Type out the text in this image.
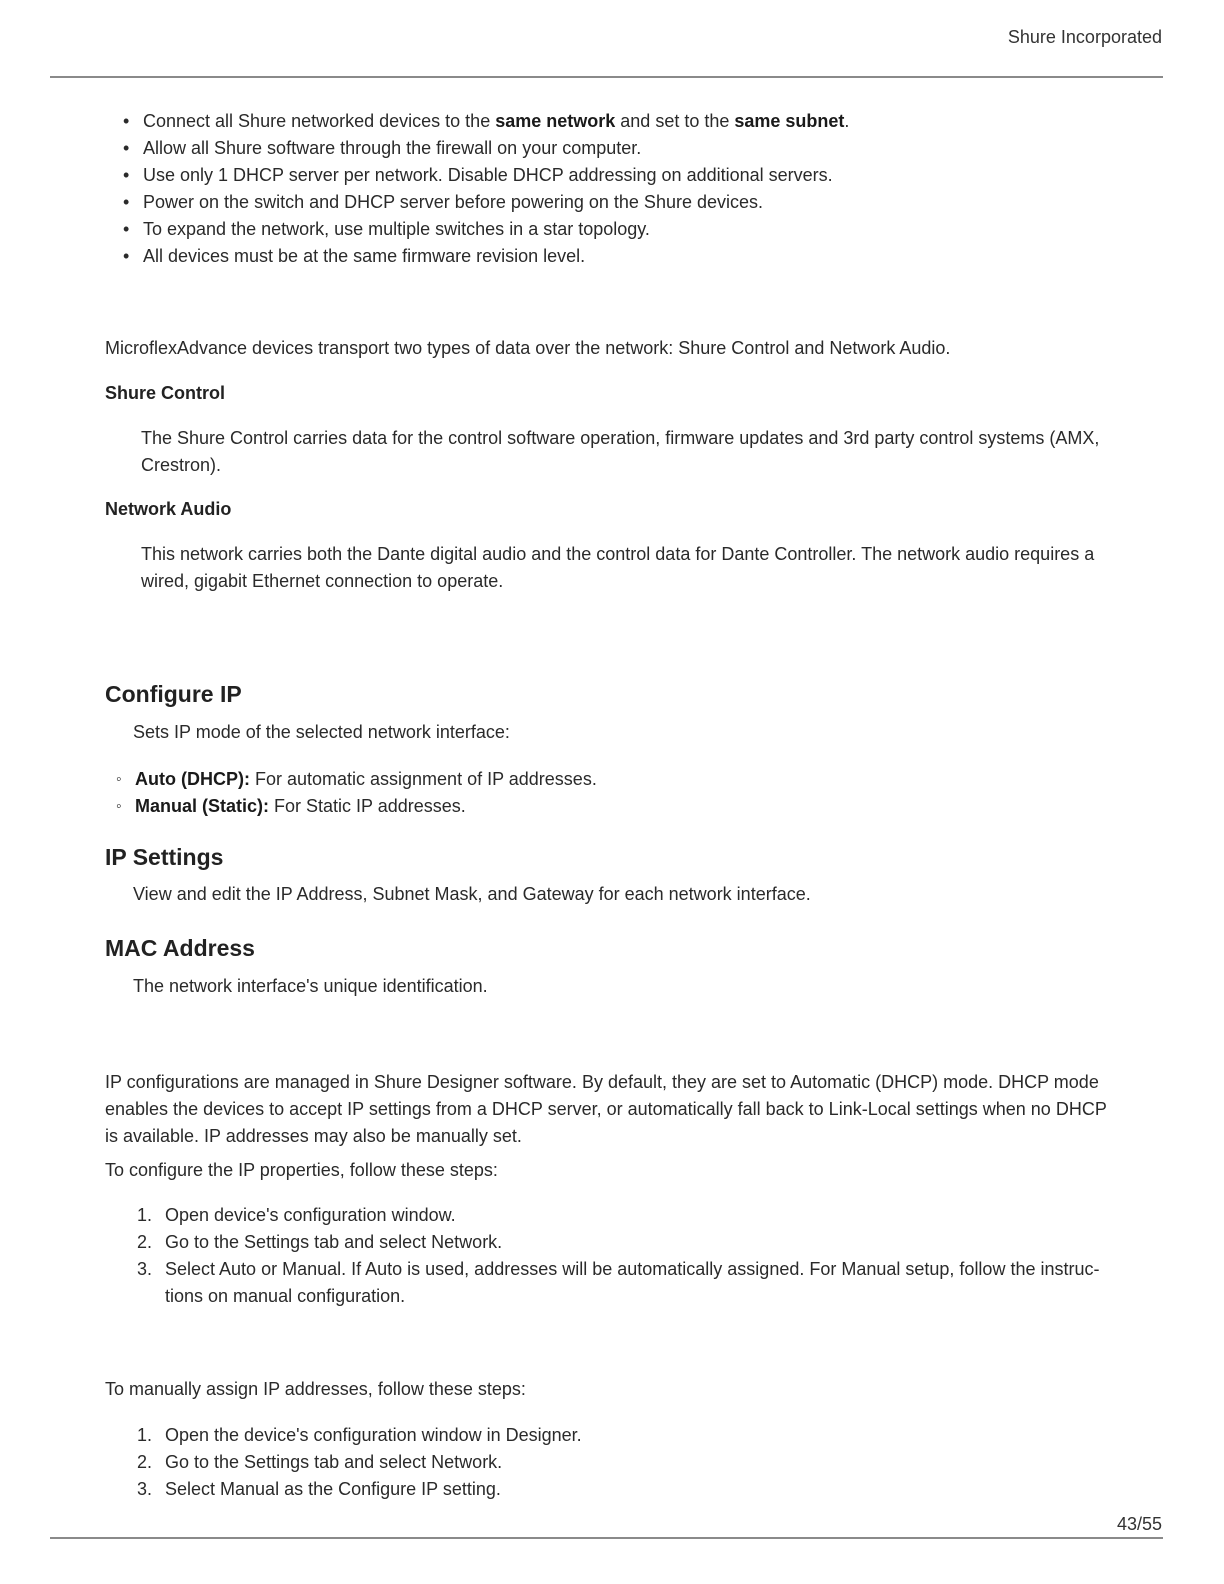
Shure Incorporated
• Connect all Shure networked devices to the same network and set to the same subnet.
• Allow all Shure software through the firewall on your computer.
• Use only 1 DHCP server per network. Disable DHCP addressing on additional servers.
• Power on the switch and DHCP server before powering on the Shure devices.
• To expand the network, use multiple switches in a star topology.
• All devices must be at the same firmware revision level.
MicroflexAdvance devices transport two types of data over the network: Shure Control and Network Audio.
Shure Control
The Shure Control carries data for the control software operation, firmware updates and 3rd party control systems (AMX,
Crestron).
Network Audio
This network carries both the Dante digital audio and the control data for Dante Controller. The network audio requires a
wired, gigabit Ethernet connection to operate.
Configure IP
Sets IP mode of the selected network interface:
◦ Auto (DHCP): For automatic assignment of IP addresses.
◦ Manual (Static): For Static IP addresses.
IP Settings
View and edit the IP Address, Subnet Mask, and Gateway for each network interface.
MAC Address
The network interface's unique identification.
IP configurations are managed in Shure Designer software. By default, they are set to Automatic (DHCP) mode. DHCP mode
enables the devices to accept IP settings from a DHCP server, or automatically fall back to Link-Local settings when no DHCP
is available. IP addresses may also be manually set.
To configure the IP properties, follow these steps:
1. Open device's configuration window.
2. Go to the Settings tab and select Network.
3. Select Auto or Manual. If Auto is used, addresses will be automatically assigned. For Manual setup, follow the instruc-
tions on manual configuration.
To manually assign IP addresses, follow these steps:
1. Open the device's configuration window in Designer.
2. Go to the Settings tab and select Network.
3. Select Manual as the Configure IP setting.
43/55
